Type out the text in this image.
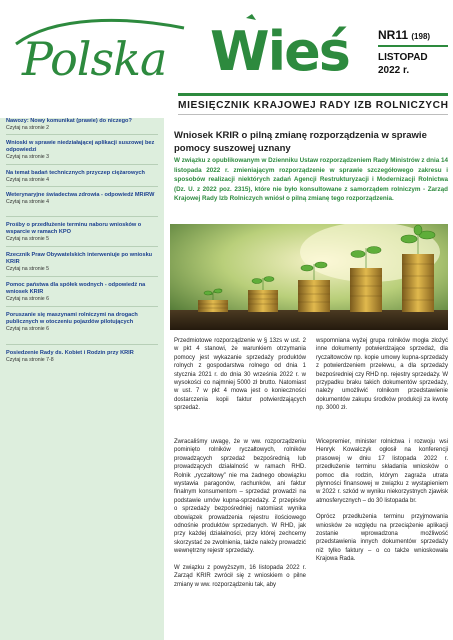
Polska Wieś NR11 (198)
LISTOPAD
2022 r.
MIESIĘCZNIK KRAJOWEJ RADY IZB ROLNICZYCH
Nawozy: Nowy komunikat (prawie) do niczego?
Czytaj na stronie 2
Wnioski w sprawie niedziałającej aplikacji suszowej bez odpowiedzi
Czytaj na stronie 3
Na temat badań technicznych przyczep ciężarowych
Czytaj na stronie 4
Weterynaryjne świadectwa zdrowia - odpowiedź MRiRW
Czytaj na stronie 4
Prośby o przedłużenie terminu naboru wniosków o wsparcie w ramach KPO
Czytaj na stronie 5
Rzecznik Praw Obywatelskich interweniuje po wniosku KRIR
Czytaj na stronie 5
Pomoc państwa dla spółek wodnych - odpowiedź na wniosek KRIR
Czytaj na stronie 6
Poruszanie się maszynami rolniczymi na drogach publicznych w otoczeniu pojazdów pilotujących
Czytaj na stronie 6
Posiedzenie Rady ds. Kobiet i Rodzin przy KRIR
Czytaj na stronie 7-8
Wniosek KRIR o pilną zmianę rozporządzenia w sprawie pomocy suszowej uznany
W związku z opublikowanym w Dzienniku Ustaw rozporządzeniem Rady Ministrów z dnia 14 listopada 2022 r. zmieniającym rozporządzenie w sprawie szczegółowego zakresu i sposobów realizacji niektórych zadań Agencji Restrukturyzacji i Modernizacji Rolnictwa (Dz. U. z 2022 poz. 2315), które nie było konsultowane z samorządem rolniczym - Zarząd Krajowej Rady Izb Rolniczych wniósł o pilną zmianę tego rozporządzenia.

Przedmiotowe rozporządzenie w § 13zs w ust. 2 w pkt 4 stanowi, że warunkiem otrzymania pomocy jest wykazanie sprzedaży produktów rolnych z gospodarstwa rolnego od dnia 1 stycznia 2021 r. do dnia 30 września 2022 r. w wysokości co najmniej 5000 zł brutto. Natomiast w ust. 7 w pkt 4 mowa jest o konieczności dostarczenia kopii faktur potwierdzających sprzedaż.

wspomniana wyżej grupa rolników mogła złożyć inne dokumenty potwierdzające sprzedaż, dla ryczałtowców np. kopie umowy kupna-sprzedaży z potwierdzeniem przelewu, a dla sprzedaży bezpośredniej czy RHD np. rejestry sprzedaży. W przypadku braku takich dokumentów sprzedaży, należy umożliwić rolnikom przedstawienie dokumentów zakupu środków produkcji za kwotę np. 3000 zł.

Zwracaliśmy uwagę, że w ww. rozporządzeniu pominięto rolników ryczałtowych, rolników prowadzących sprzedaż bezpośrednią lub prowadzących działalność w ramach RHD. Rolnik „ryczałtowy” nie ma żadnego obowiązku wystawia paragonów, rachunków, ani faktur finalnym konsumentom – sprzedaż prowadzi na podstawie umów kupna-sprzedaży. Z przepisów o sprzedaży bezpośredniej natomiast wynika obowiązek prowadzenia rejestru ilościowego odnośnie produktów sprzedanych. W RHD, jak przy każdej działalności, przy której zechcemy skorzystać ze zwolnienia, także należy prowadzić wewnętrzny rejestr sprzedaży.

W związku z powyższym, 16 listopada 2022 r. Zarząd KRIR zwrócił się z wnioskiem o pilne zmiany w ww. rozporządzeniu tak, aby

Wicepremier, minister rolnictwa i rozwoju wsi Henryk Kowalczyk ogłosił na konferencji prasowej w dniu 17 listopada 2022 r. przedłużenie terminu składania wniosków o pomoc dla rodzin, którym zagraża utrata płynności finansowej w związku z wystąpieniem w 2022 r. szkód w wyniku niekorzystnych zjawisk atmosferycznych – do 30 listopada br.

Oprócz przedłużenia terminu przyjmowania wniosków ze względu na przeciążenie aplikacji zostanie wprowadzona możliwość przedstawienia innych dokumentów sprzedaży niż tylko faktury – o co także wnioskowała Krajowa Rada.
